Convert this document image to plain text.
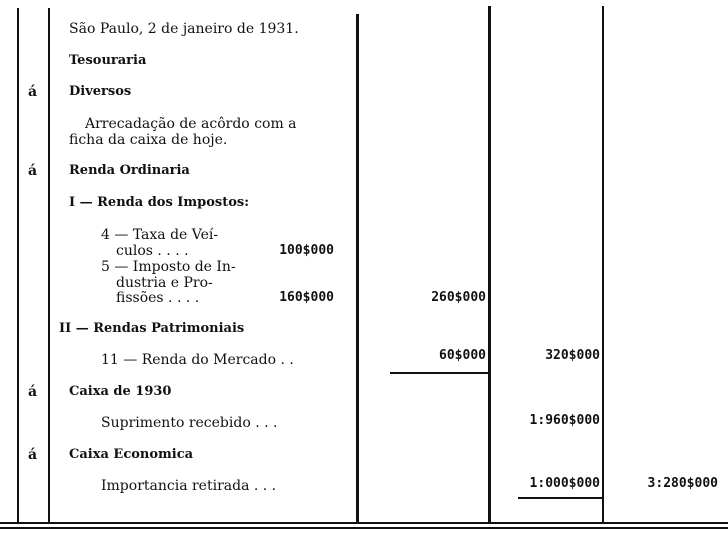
São Paulo, 2 de janeiro de 1931.
Tesouraria
á Diversos
Arrecadação de acôrdo com a
ficha da caixa de hoje.
á Renda Ordinaria
I — Renda dos Impostos:
4 — Taxa de Veí-
culos . . . .	100$000
5 — Imposto de In-
dustria e Pro-
fissões . . . .	160$000	260$000
II — Rendas Patrimoniais
11 — Renda do Mercado . .	60$000	320$000
á Caixa de 1930
Suprimento recebido . . .	1:960$000
á Caixa Economica
Importancia retirada . . .	1:000$000	3:280$000
